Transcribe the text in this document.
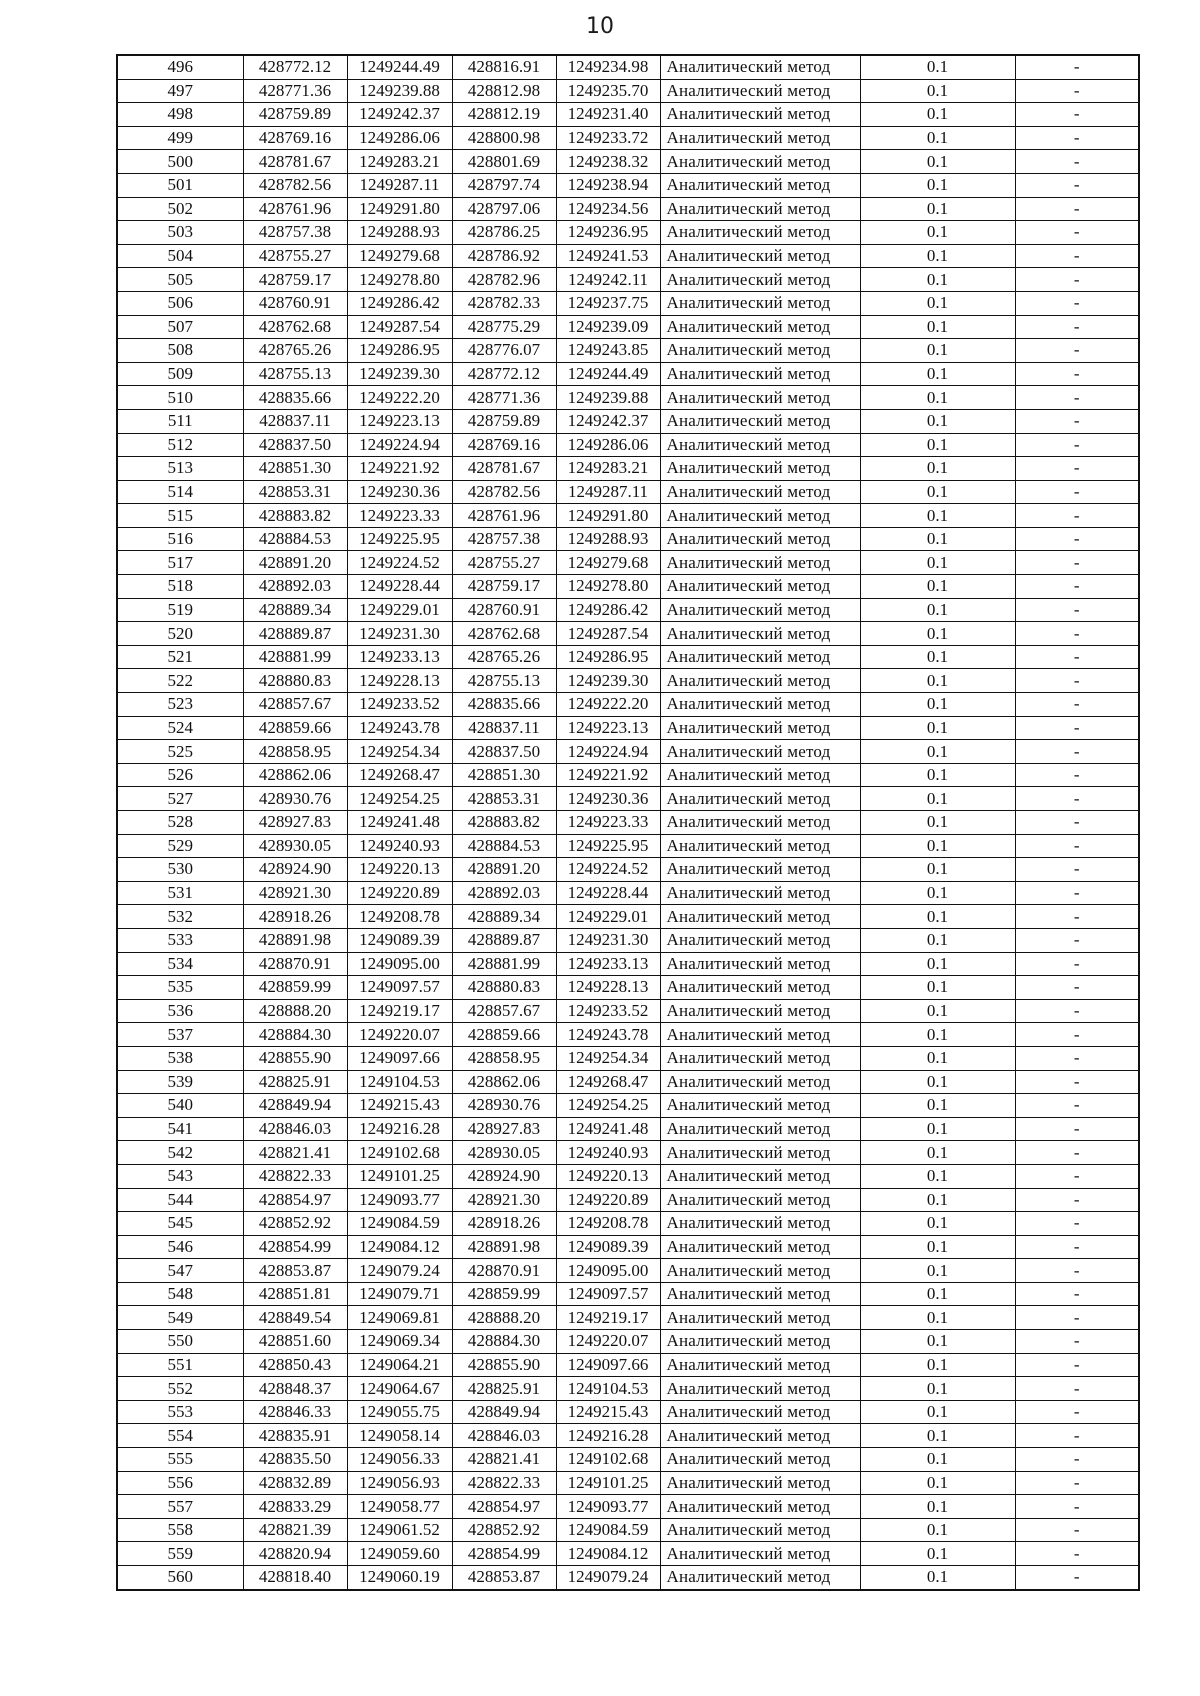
10
496	428772.12	1249244.49	428816.91	1249234.98	Аналитический метод	0.1	-
497	428771.36	1249239.88	428812.98	1249235.70	Аналитический метод	0.1	-
498	428759.89	1249242.37	428812.19	1249231.40	Аналитический метод	0.1	-
499	428769.16	1249286.06	428800.98	1249233.72	Аналитический метод	0.1	-
500	428781.67	1249283.21	428801.69	1249238.32	Аналитический метод	0.1	-
501	428782.56	1249287.11	428797.74	1249238.94	Аналитический метод	0.1	-
502	428761.96	1249291.80	428797.06	1249234.56	Аналитический метод	0.1	-
503	428757.38	1249288.93	428786.25	1249236.95	Аналитический метод	0.1	-
504	428755.27	1249279.68	428786.92	1249241.53	Аналитический метод	0.1	-
505	428759.17	1249278.80	428782.96	1249242.11	Аналитический метод	0.1	-
506	428760.91	1249286.42	428782.33	1249237.75	Аналитический метод	0.1	-
507	428762.68	1249287.54	428775.29	1249239.09	Аналитический метод	0.1	-
508	428765.26	1249286.95	428776.07	1249243.85	Аналитический метод	0.1	-
509	428755.13	1249239.30	428772.12	1249244.49	Аналитический метод	0.1	-
510	428835.66	1249222.20	428771.36	1249239.88	Аналитический метод	0.1	-
511	428837.11	1249223.13	428759.89	1249242.37	Аналитический метод	0.1	-
512	428837.50	1249224.94	428769.16	1249286.06	Аналитический метод	0.1	-
513	428851.30	1249221.92	428781.67	1249283.21	Аналитический метод	0.1	-
514	428853.31	1249230.36	428782.56	1249287.11	Аналитический метод	0.1	-
515	428883.82	1249223.33	428761.96	1249291.80	Аналитический метод	0.1	-
516	428884.53	1249225.95	428757.38	1249288.93	Аналитический метод	0.1	-
517	428891.20	1249224.52	428755.27	1249279.68	Аналитический метод	0.1	-
518	428892.03	1249228.44	428759.17	1249278.80	Аналитический метод	0.1	-
519	428889.34	1249229.01	428760.91	1249286.42	Аналитический метод	0.1	-
520	428889.87	1249231.30	428762.68	1249287.54	Аналитический метод	0.1	-
521	428881.99	1249233.13	428765.26	1249286.95	Аналитический метод	0.1	-
522	428880.83	1249228.13	428755.13	1249239.30	Аналитический метод	0.1	-
523	428857.67	1249233.52	428835.66	1249222.20	Аналитический метод	0.1	-
524	428859.66	1249243.78	428837.11	1249223.13	Аналитический метод	0.1	-
525	428858.95	1249254.34	428837.50	1249224.94	Аналитический метод	0.1	-
526	428862.06	1249268.47	428851.30	1249221.92	Аналитический метод	0.1	-
527	428930.76	1249254.25	428853.31	1249230.36	Аналитический метод	0.1	-
528	428927.83	1249241.48	428883.82	1249223.33	Аналитический метод	0.1	-
529	428930.05	1249240.93	428884.53	1249225.95	Аналитический метод	0.1	-
530	428924.90	1249220.13	428891.20	1249224.52	Аналитический метод	0.1	-
531	428921.30	1249220.89	428892.03	1249228.44	Аналитический метод	0.1	-
532	428918.26	1249208.78	428889.34	1249229.01	Аналитический метод	0.1	-
533	428891.98	1249089.39	428889.87	1249231.30	Аналитический метод	0.1	-
534	428870.91	1249095.00	428881.99	1249233.13	Аналитический метод	0.1	-
535	428859.99	1249097.57	428880.83	1249228.13	Аналитический метод	0.1	-
536	428888.20	1249219.17	428857.67	1249233.52	Аналитический метод	0.1	-
537	428884.30	1249220.07	428859.66	1249243.78	Аналитический метод	0.1	-
538	428855.90	1249097.66	428858.95	1249254.34	Аналитический метод	0.1	-
539	428825.91	1249104.53	428862.06	1249268.47	Аналитический метод	0.1	-
540	428849.94	1249215.43	428930.76	1249254.25	Аналитический метод	0.1	-
541	428846.03	1249216.28	428927.83	1249241.48	Аналитический метод	0.1	-
542	428821.41	1249102.68	428930.05	1249240.93	Аналитический метод	0.1	-
543	428822.33	1249101.25	428924.90	1249220.13	Аналитический метод	0.1	-
544	428854.97	1249093.77	428921.30	1249220.89	Аналитический метод	0.1	-
545	428852.92	1249084.59	428918.26	1249208.78	Аналитический метод	0.1	-
546	428854.99	1249084.12	428891.98	1249089.39	Аналитический метод	0.1	-
547	428853.87	1249079.24	428870.91	1249095.00	Аналитический метод	0.1	-
548	428851.81	1249079.71	428859.99	1249097.57	Аналитический метод	0.1	-
549	428849.54	1249069.81	428888.20	1249219.17	Аналитический метод	0.1	-
550	428851.60	1249069.34	428884.30	1249220.07	Аналитический метод	0.1	-
551	428850.43	1249064.21	428855.90	1249097.66	Аналитический метод	0.1	-
552	428848.37	1249064.67	428825.91	1249104.53	Аналитический метод	0.1	-
553	428846.33	1249055.75	428849.94	1249215.43	Аналитический метод	0.1	-
554	428835.91	1249058.14	428846.03	1249216.28	Аналитический метод	0.1	-
555	428835.50	1249056.33	428821.41	1249102.68	Аналитический метод	0.1	-
556	428832.89	1249056.93	428822.33	1249101.25	Аналитический метод	0.1	-
557	428833.29	1249058.77	428854.97	1249093.77	Аналитический метод	0.1	-
558	428821.39	1249061.52	428852.92	1249084.59	Аналитический метод	0.1	-
559	428820.94	1249059.60	428854.99	1249084.12	Аналитический метод	0.1	-
560	428818.40	1249060.19	428853.87	1249079.24	Аналитический метод	0.1	-
